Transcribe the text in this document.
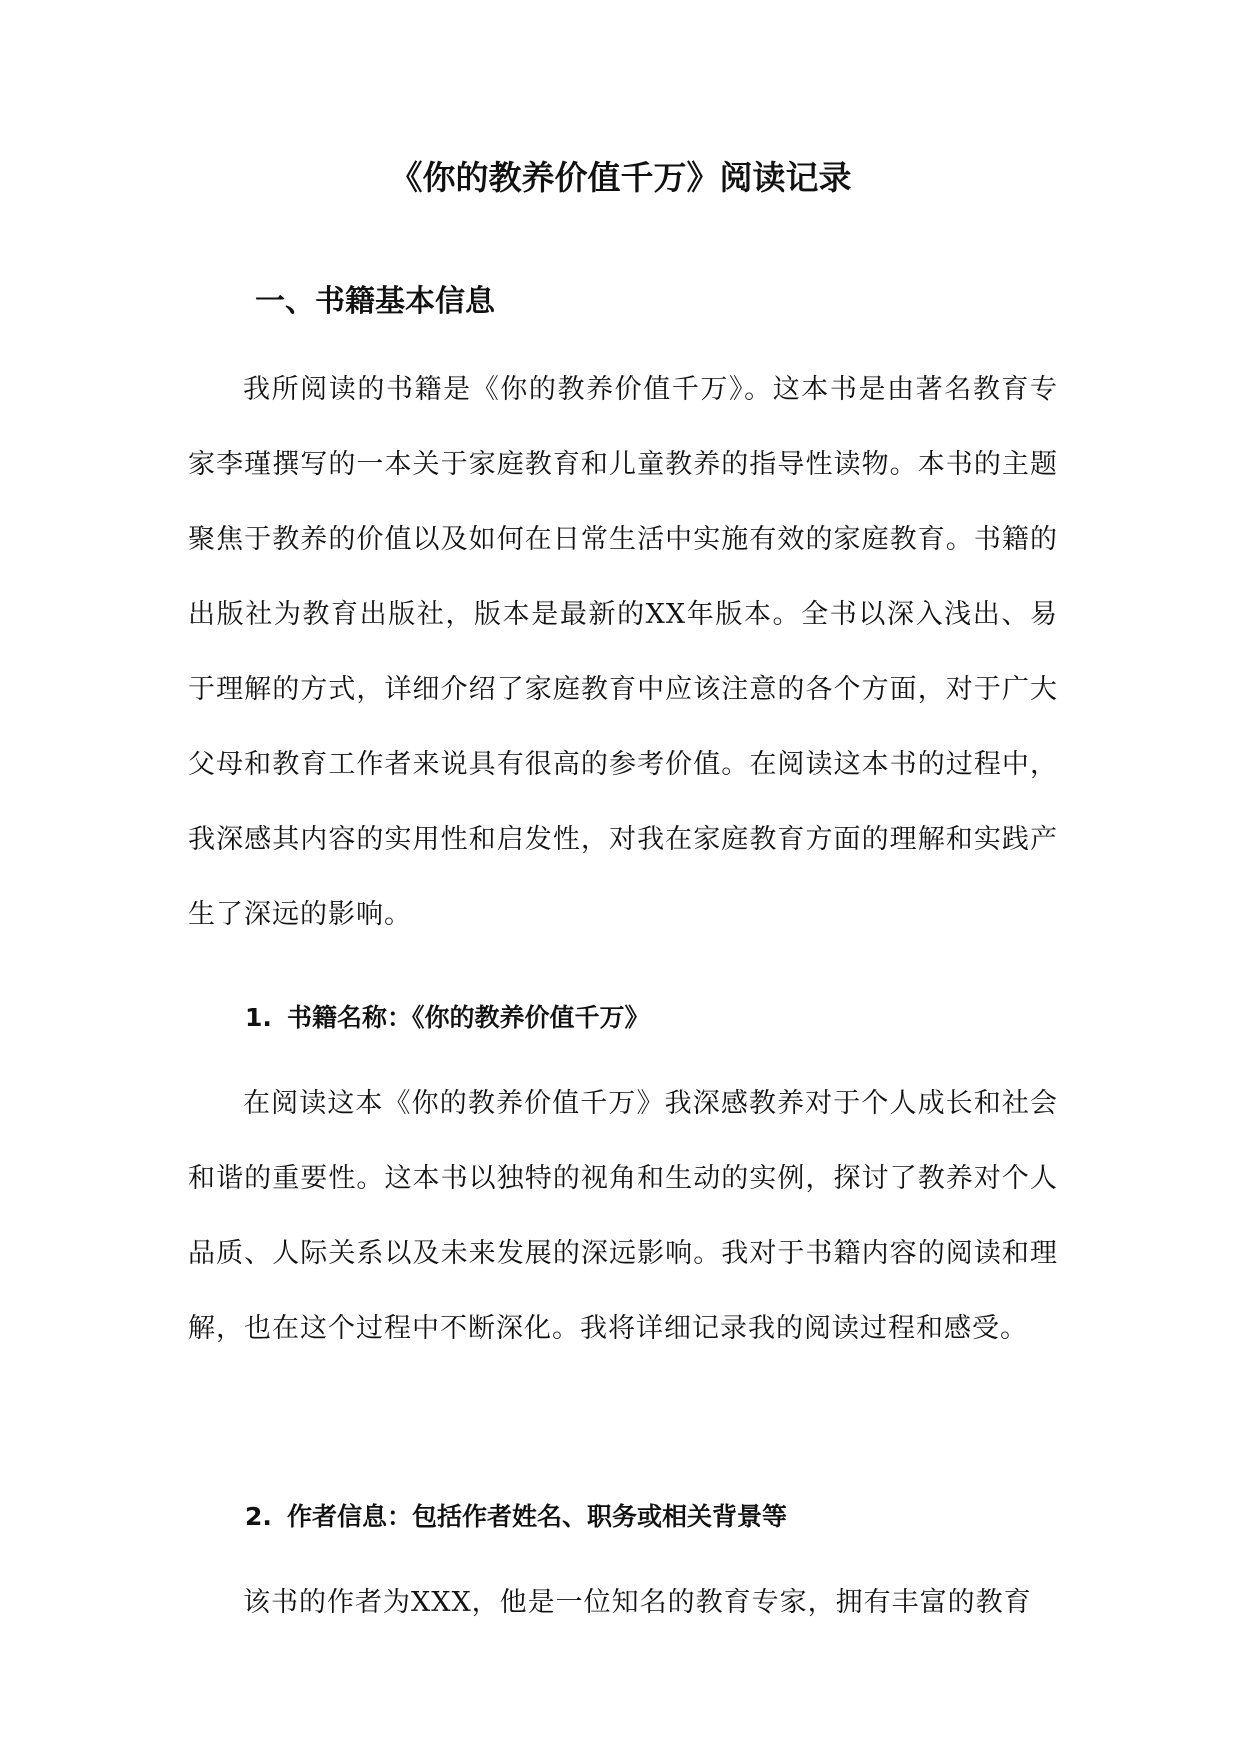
《你的教养价值千万》阅读记录
一、书籍基本信息

我所阅读的书籍是《你的教养价值千万》。这本书是由著名教育专家李瑾撰写的一本关于家庭教育和儿童教养的指导性读物。本书的主题聚焦于教养的价值以及如何在日常生活中实施有效的家庭教育。书籍的出版社为教育出版社，版本是最新的XX年版本。全书以深入浅出、易于理解的方式，详细介绍了家庭教育中应该注意的各个方面，对于广大父母和教育工作者来说具有很高的参考价值。在阅读这本书的过程中，我深感其内容的实用性和启发性，对我在家庭教育方面的理解和实践产生了深远的影响。

1. 书籍名称：《你的教养价值千万》

在阅读这本《你的教养价值千万》我深感教养对于个人成长和社会和谐的重要性。这本书以独特的视角和生动的实例，探讨了教养对个人品质、人际关系以及未来发展的深远影响。我对于书籍内容的阅读和理解，也在这个过程中不断深化。我将详细记录我的阅读过程和感受。

2. 作者信息：包括作者姓名、职务或相关背景等

该书的作者为XXX，他是一位知名的教育专家，拥有丰富的教育
